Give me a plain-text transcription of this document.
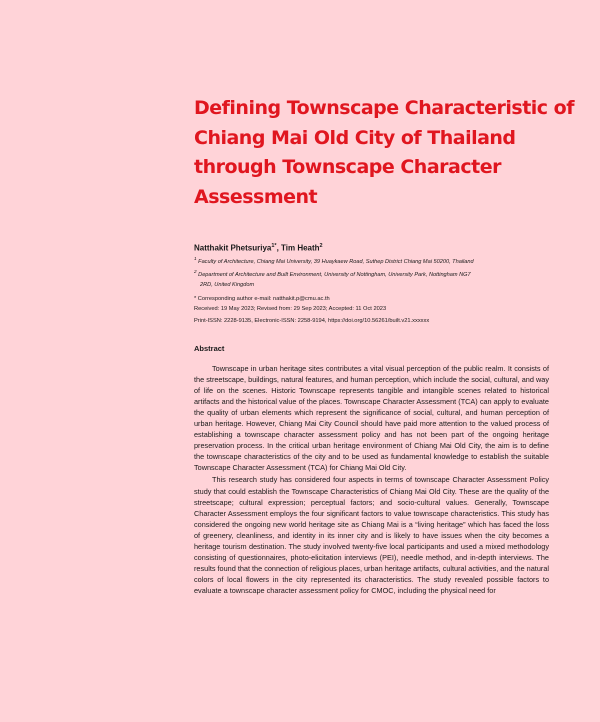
Defining Townscape Characteristic of Chiang Mai Old City of Thailand through Townscape Character Assessment

Natthakit Phetsuriya$^{1*}$, Tim Heath$^2$

$^1$ Faculty of Architecture, Chiang Mai University, 39 Huaykaew Road, Suthep District Chiang Mai 50200, Thailand

$^2$ Department of Architecture and Built Environment, University of Nottingham, University Park, Nottingham NG7
2RD, United Kingdom

* Corresponding author e-mail: natthakit.p@cmu.ac.th

Received: 19 May 2023; Revised from: 29 Sep 2023; Accepted: 11 Oct 2023

Print-ISSN: 2228-9135, Electronic-ISSN: 2258-9194, https://doi.org/10.56261/built.v21.xxxxxx

Abstract

Townscape in urban heritage sites contributes a vital visual perception of the public realm. It consists of the streetscape, buildings, natural features, and human perception, which include the social, cultural, and way of life on the scenes. Historic Townscape represents tangible and intangible scenes related to historical artifacts and the historical value of the places. Townscape Character Assessment (TCA) can apply to evaluate the quality of urban elements which represent the significance of social, cultural, and human perception of urban heritage. However, Chiang Mai City Council should have paid more attention to the valued process of establishing a townscape character assessment policy and has not been part of the ongoing heritage preservation process. In the critical urban heritage environment of Chiang Mai Old City, the aim is to define the townscape characteristics of the city and to be used as fundamental knowledge to establish the suitable Townscape Character Assessment (TCA) for Chiang Mai Old City.

This research study has considered four aspects in terms of townscape Character Assessment Policy study that could establish the Townscape Characteristics of Chiang Mai Old City. These are the quality of the streetscape; cultural expression; perceptual factors; and socio-cultural values. Generally, Townscape Character Assessment employs the four significant factors to value townscape characteristics. This study has considered the ongoing new world heritage site as Chiang Mai is a “living heritage” which has faced the loss of greenery, cleanliness, and identity in its inner city and is likely to have issues when the city becomes a heritage tourism destination. The study involved twenty-five local participants and used a mixed methodology consisting of questionnaires, photo-elicitation interviews (PEI), needle method, and in-depth interviews. The results found that the connection of religious places, urban heritage artifacts, cultural activities, and the natural colors of local flowers in the city represented its characteristics. The study revealed possible factors to evaluate a townscape character assessment policy for CMOC, including the physical need for
